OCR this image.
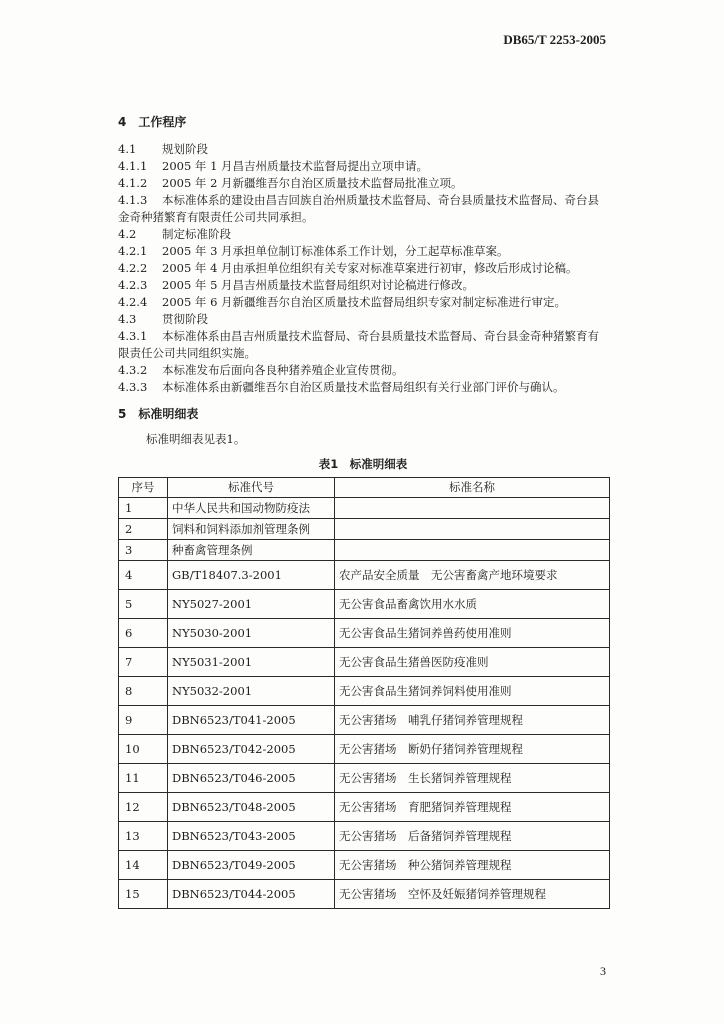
DB65/T 2253-2005

4　工作程序

4.1 规划阶段

4.1.1 2005 年 1 月昌吉州质量技术监督局提出立项申请。

4.1.2 2005 年 2 月新疆维吾尔自治区质量技术监督局批准立项。

4.1.3 本标准体系的建设由昌吉回族自治州质量技术监督局、奇台县质量技术监督局、奇台县金奇种猪繁育有限责任公司共同承担。

4.2 制定标准阶段

4.2.1 2005 年 3 月承担单位制订标准体系工作计划，分工起草标准草案。

4.2.2 2005 年 4 月由承担单位组织有关专家对标准草案进行初审，修改后形成讨论稿。

4.2.3 2005 年 5 月昌吉州质量技术监督局组织对讨论稿进行修改。

4.2.4 2005 年 6 月新疆维吾尔自治区质量技术监督局组织专家对制定标准进行审定。

4.3 贯彻阶段

4.3.1 本标准体系由昌吉州质量技术监督局、奇台县质量技术监督局、奇台县金奇种猪繁育有限责任公司共同组织实施。

4.3.2 本标准发布后面向各良种猪养殖企业宣传贯彻。

4.3.3 本标准体系由新疆维吾尔自治区质量技术监督局组织有关行业部门评价与确认。

5　标准明细表

标准明细表见表1。

表1　标准明细表
序号	标准代号	标准名称
1	中华人民共和国动物防疫法	
2	饲料和饲料添加剂管理条例	
3	种畜禽管理条例	
4	GB/T18407.3-2001	农产品安全质量　无公害畜禽产地环境要求
5	NY5027-2001	无公害食品畜禽饮用水水质
6	NY5030-2001	无公害食品生猪饲养兽药使用准则
7	NY5031-2001	无公害食品生猪兽医防疫准则
8	NY5032-2001	无公害食品生猪饲养饲料使用准则
9	DBN6523/T041-2005	无公害猪场　哺乳仔猪饲养管理规程
10	DBN6523/T042-2005	无公害猪场　断奶仔猪饲养管理规程
11	DBN6523/T046-2005	无公害猪场　生长猪饲养管理规程
12	DBN6523/T048-2005	无公害猪场　育肥猪饲养管理规程
13	DBN6523/T043-2005	无公害猪场　后备猪饲养管理规程
14	DBN6523/T049-2005	无公害猪场　种公猪饲养管理规程
15	DBN6523/T044-2005	无公害猪场　空怀及妊娠猪饲养管理规程
3
